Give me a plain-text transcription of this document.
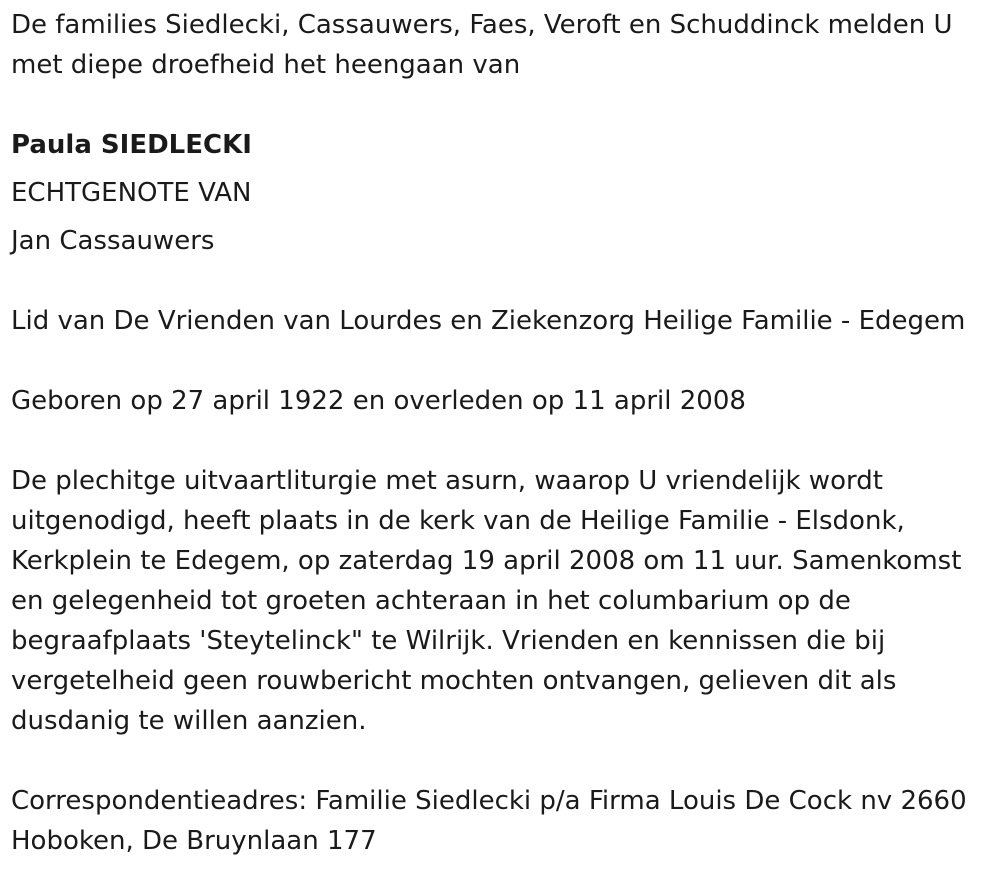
De families Siedlecki, Cassauwers, Faes, Veroft en Schuddinck melden U met diepe droefheid het heengaan van

Paula SIEDLECKI

ECHTGENOTE VAN

Jan Cassauwers

Lid van De Vrienden van Lourdes en Ziekenzorg Heilige Familie - Edegem

Geboren op 27 april 1922 en overleden op 11 april 2008

De plechitge uitvaartliturgie met asurn, waarop U vriendelijk wordt uitgenodigd, heeft plaats in de kerk van de Heilige Familie - Elsdonk, Kerkplein te Edegem, op zaterdag 19 april 2008 om 11 uur. Samenkomst en gelegenheid tot groeten achteraan in het columbarium op de begraafplaats 'Steytelinck" te Wilrijk. Vrienden en kennissen die bij vergetelheid geen rouwbericht mochten ontvangen, gelieven dit als dusdanig te willen aanzien.

Correspondentieadres: Familie Siedlecki p/a Firma Louis De Cock nv 2660 Hoboken, De Bruynlaan 177
